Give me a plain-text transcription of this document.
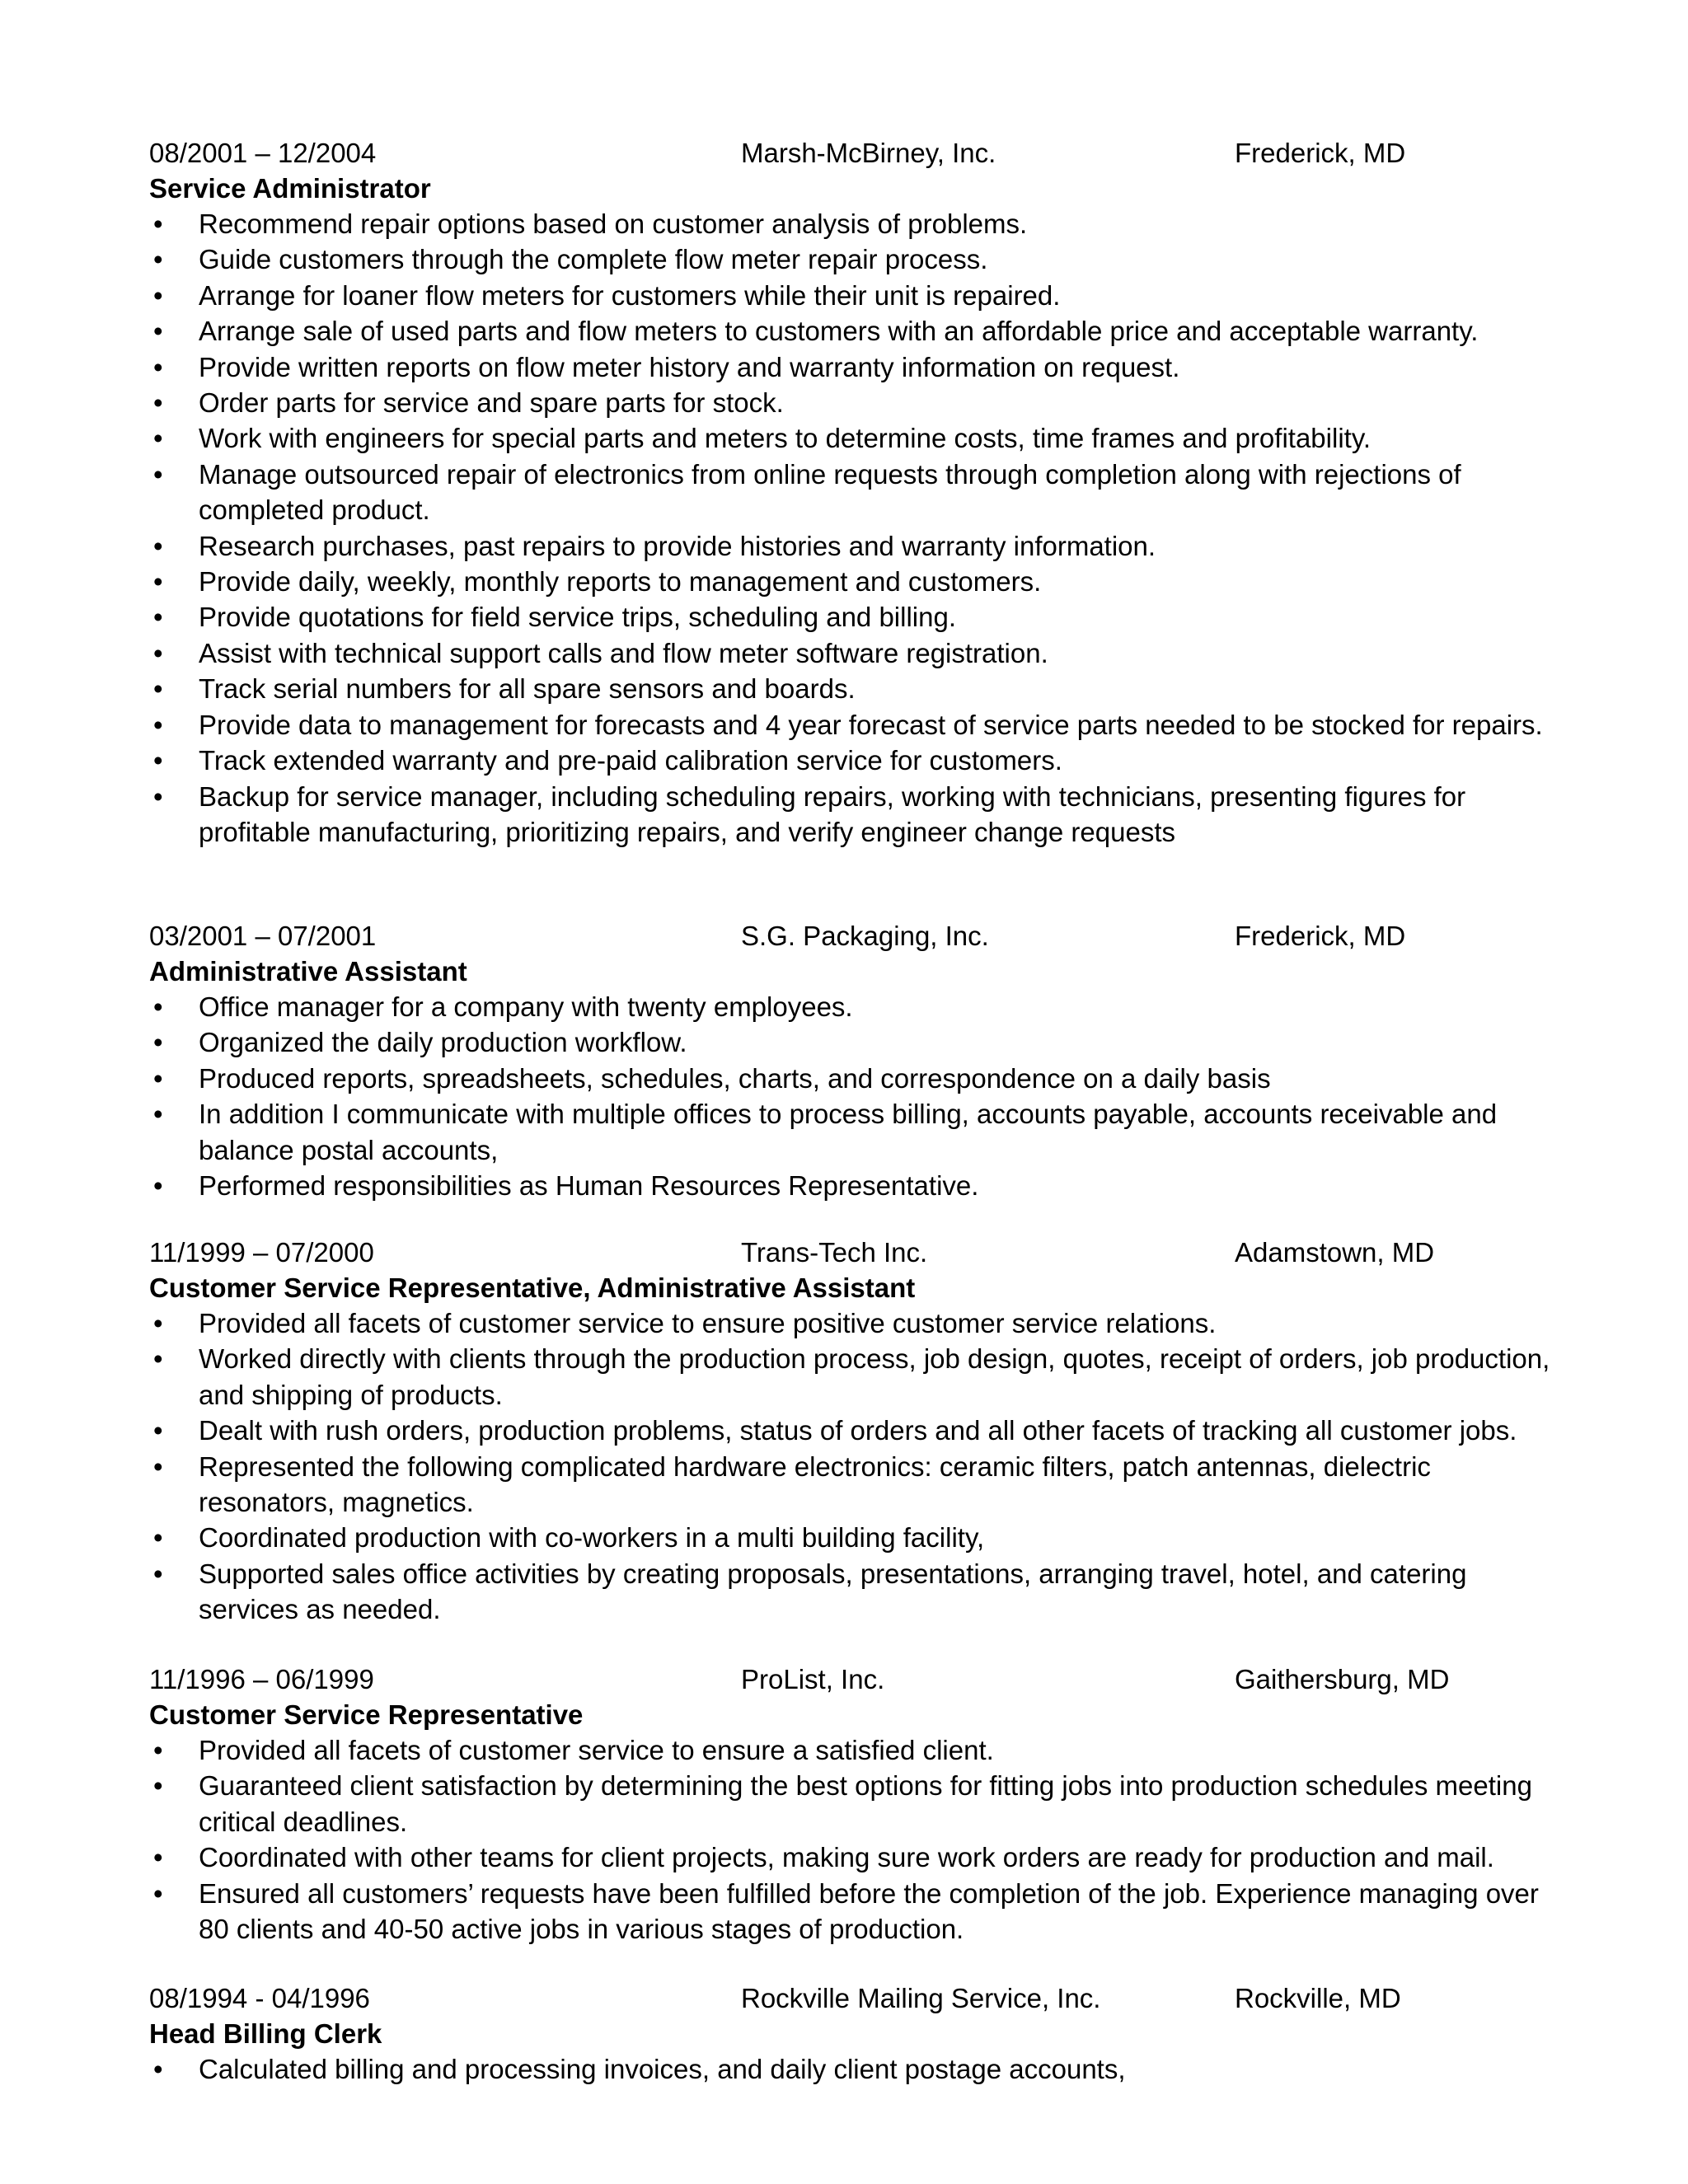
08/2001 – 12/2004	Marsh-McBirney, Inc.	Frederick, MD
Service Administrator
• Recommend repair options based on customer analysis of problems.
• Guide customers through the complete flow meter repair process.
• Arrange for loaner flow meters for customers while their unit is repaired.
• Arrange sale of used parts and flow meters to customers with an affordable price and acceptable warranty.
• Provide written reports on flow meter history and warranty information on request.
• Order parts for service and spare parts for stock.
• Work with engineers for special parts and meters to determine costs, time frames and profitability.
• Manage outsourced repair of electronics from online requests through completion along with rejections of completed product.
• Research purchases, past repairs to provide histories and warranty information.
• Provide daily, weekly, monthly reports to management and customers.
• Provide quotations for field service trips, scheduling and billing.
• Assist with technical support calls and flow meter software registration.
• Track serial numbers for all spare sensors and boards.
• Provide data to management for forecasts and 4 year forecast of service parts needed to be stocked for repairs.
• Track extended warranty and pre-paid calibration service for customers.
• Backup for service manager, including scheduling repairs, working with technicians, presenting figures for profitable manufacturing, prioritizing repairs, and verify engineer change requests
03/2001 – 07/2001	S.G. Packaging, Inc.	Frederick, MD
Administrative Assistant
• Office manager for a company with twenty employees.
• Organized the daily production workflow.
• Produced reports, spreadsheets, schedules, charts, and correspondence on a daily basis
• In addition I communicate with multiple offices to process billing, accounts payable, accounts receivable and balance postal accounts,
• Performed responsibilities as Human Resources Representative.
11/1999 – 07/2000	Trans-Tech Inc.	Adamstown, MD
Customer Service Representative, Administrative Assistant
• Provided all facets of customer service to ensure positive customer service relations.
• Worked directly with clients through the production process, job design, quotes, receipt of orders, job production, and shipping of products.
• Dealt with rush orders, production problems, status of orders and all other facets of tracking all customer jobs.
• Represented the following complicated hardware electronics: ceramic filters, patch antennas, dielectric resonators, magnetics.
• Coordinated production with co-workers in a multi building facility,
• Supported sales office activities by creating proposals, presentations, arranging travel, hotel, and catering services as needed.
11/1996 – 06/1999	ProList, Inc.	Gaithersburg, MD
Customer Service Representative
• Provided all facets of customer service to ensure a satisfied client.
• Guaranteed client satisfaction by determining the best options for fitting jobs into production schedules meeting critical deadlines.
• Coordinated with other teams for client projects, making sure work orders are ready for production and mail.
• Ensured all customers’ requests have been fulfilled before the completion of the job. Experience managing over 80 clients and 40-50 active jobs in various stages of production.
08/1994 - 04/1996	Rockville Mailing Service, Inc.	Rockville, MD
Head Billing Clerk
• Calculated billing and processing invoices, and daily client postage accounts,
